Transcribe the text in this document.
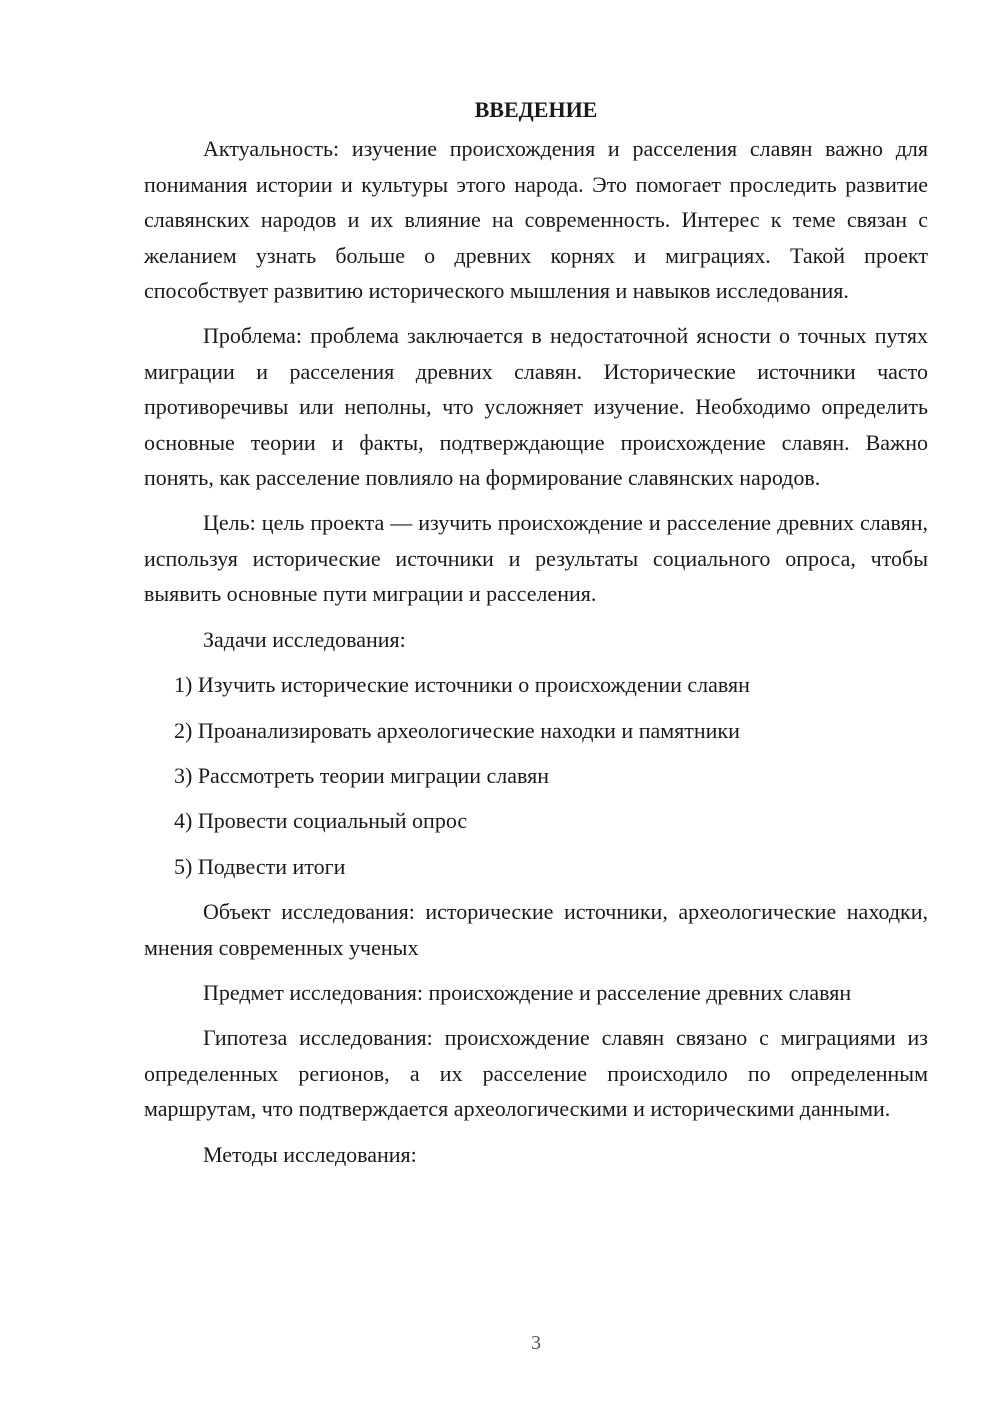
ВВЕДЕНИЕ

Актуальность: изучение происхождения и расселения славян важно для понимания истории и культуры этого народа. Это помогает проследить развитие славянских народов и их влияние на современность. Интерес к теме связан с желанием узнать больше о древних корнях и миграциях. Такой проект способствует развитию исторического мышления и навыков исследования.

Проблема: проблема заключается в недостаточной ясности о точных путях миграции и расселения древних славян. Исторические источники часто противоречивы или неполны, что усложняет изучение. Необходимо определить основные теории и факты, подтверждающие происхождение славян. Важно понять, как расселение повлияло на формирование славянских народов.

Цель: цель проекта — изучить происхождение и расселение древних славян, используя исторические источники и результаты социального опроса, чтобы выявить основные пути миграции и расселения.

Задачи исследования:

1) Изучить исторические источники о происхождении славян

2) Проанализировать археологические находки и памятники

3) Рассмотреть теории миграции славян

4) Провести социальный опрос

5) Подвести итоги

Объект исследования: исторические источники, археологические находки, мнения современных ученых

Предмет исследования: происхождение и расселение древних славян

Гипотеза исследования: происхождение славян связано с миграциями из определенных регионов, а их расселение происходило по определенным маршрутам, что подтверждается археологическими и историческими данными.

Методы исследования:

3
